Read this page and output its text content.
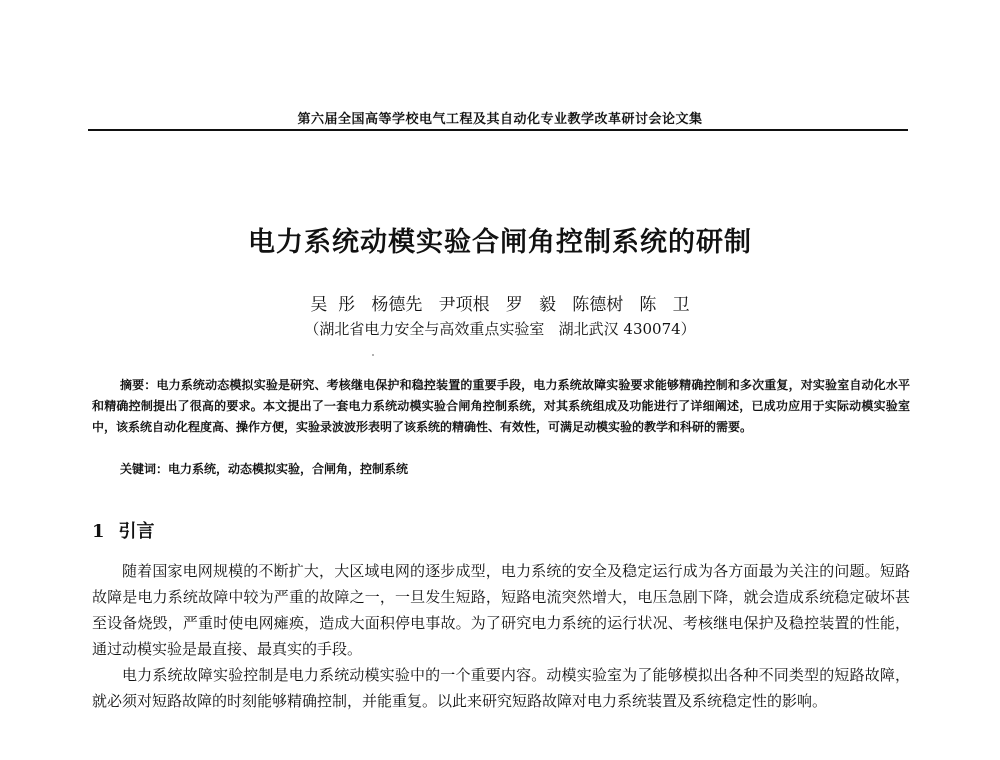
第六届全国高等学校电气工程及其自动化专业教学改革研讨会论文集
电力系统动模实验合闸角控制系统的研制
吴  彤   杨德先   尹项根   罗   毅   陈德树   陈   卫
（湖北省电力安全与高效重点实验室   湖北武汉 430074）
摘要：电力系统动态模拟实验是研究、考核继电保护和稳控装置的重要手段，电力系统故障实验要求能够精确控制和多次重复，对实验室自动化水平和精确控制提出了很高的要求。本文提出了一套电力系统动模实验合闸角控制系统，对其系统组成及功能进行了详细阐述，已成功应用于实际动模实验室中，该系统自动化程度高、操作方便，实验录波波形表明了该系统的精确性、有效性，可满足动模实验的教学和科研的需要。
关键词：电力系统，动态模拟实验，合闸角，控制系统
1 引言

随着国家电网规模的不断扩大，大区域电网的逐步成型，电力系统的安全及稳定运行成为各方面最为关注的问题。短路故障是电力系统故障中较为严重的故障之一，一旦发生短路，短路电流突然增大，电压急剧下降，就会造成系统稳定破坏甚至设备烧毁，严重时使电网瘫痪，造成大面积停电事故。为了研究电力系统的运行状况、考核继电保护及稳控装置的性能，通过动模实验是最直接、最真实的手段。

电力系统故障实验控制是电力系统动模实验中的一个重要内容。动模实验室为了能够模拟出各种不同类型的短路故障，就必须对短路故障的时刻能够精确控制，并能重复。以此来研究短路故障对电力系统装置及系统稳定性的影响。
